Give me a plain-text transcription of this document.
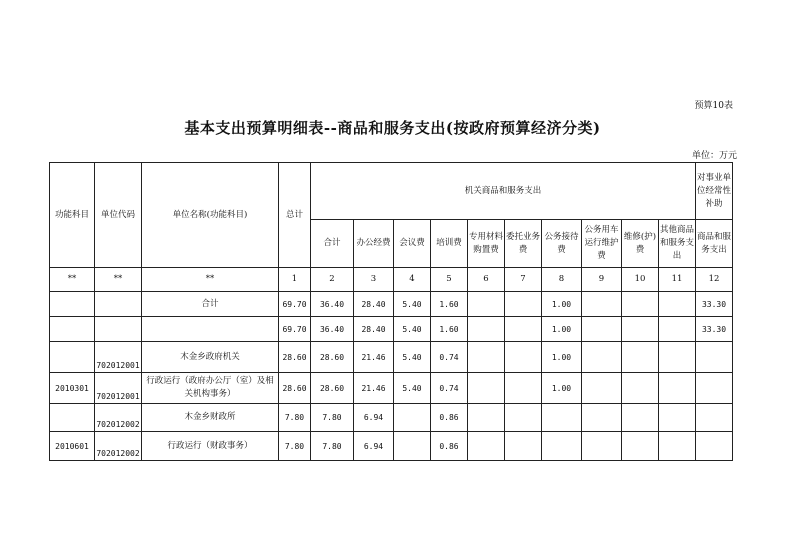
预算10表
基本支出预算明细表--商品和服务支出(按政府预算经济分类)
单位：万元
功能科目	单位代码	单位名称(功能科目)	总计	机关商品和服务支出										对事业单位经常性补助
				合计	办公经费	会议费	培训费	专用材料购置费	委托业务费	公务接待费	公务用车运行维护费	维修(护)费	其他商品和服务支出	商品和服务支出
**	**	**	1	2	3	4	5	6	7	8	9	10	11	12
		合计	69.70	36.40	28.40	5.40	1.60			1.00				33.30
			69.70	36.40	28.40	5.40	1.60			1.00				33.30
	702012001	木金乡政府机关	28.60	28.60	21.46	5.40	0.74			1.00				
2010301	702012001	行政运行（政府办公厅（室）及相关机构事务）	28.60	28.60	21.46	5.40	0.74			1.00				
	702012002	木金乡财政所	7.80	7.80	6.94		0.86							
2010601	702012002	行政运行（财政事务）	7.80	7.80	6.94		0.86							
